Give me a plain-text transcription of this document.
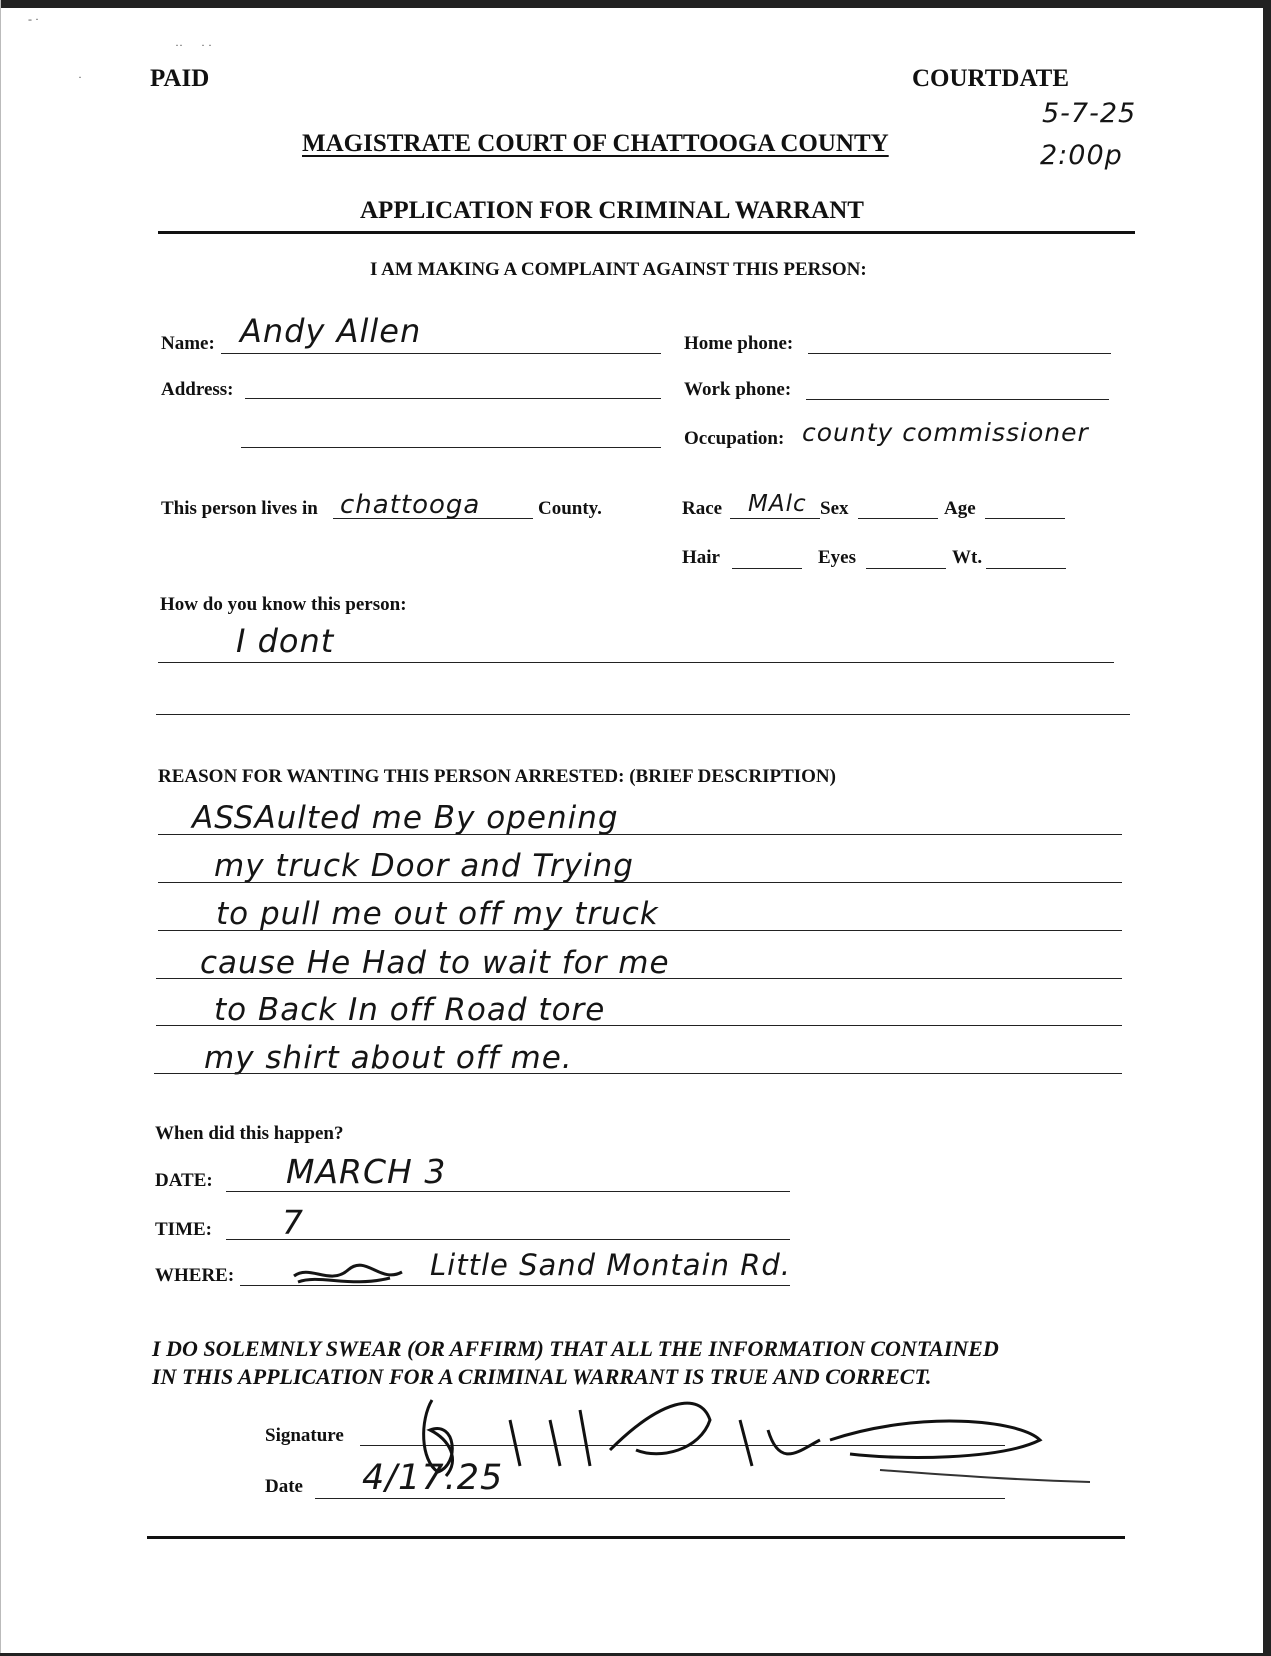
- ·
··      · ·
·	PAID	COURTDATE
5-7-25
2:00p
MAGISTRATE COURT OF CHATTOOGA COUNTY
APPLICATION FOR CRIMINAL WARRANT
I AM MAKING A COMPLAINT AGAINST THIS PERSON:
Name: Andy Allen
Address:
Home phone:
Work phone:
Occupation: county commissioner
This person lives in chattooga	County.	Race MAlc Sex	Age
Hair	Eyes	Wt.
How do you know this person:
I dont
REASON FOR WANTING THIS PERSON ARRESTED: (BRIEF DESCRIPTION)
ASSAulted me By opening
my truck Door and Trying
to pull me out off my truck
cause He Had to wait for me
to Back In off Road tore
my shirt about off me.
When did this happen?
DATE: MARCH 3
TIME: 7
WHERE:	Little Sand Montain Rd.
I DO SOLEMNLY SWEAR (OR AFFIRM) THAT ALL THE INFORMATION CONTAINED
IN THIS APPLICATION FOR A CRIMINAL WARRANT IS TRUE AND CORRECT.
Signature
Date 4/17.25
